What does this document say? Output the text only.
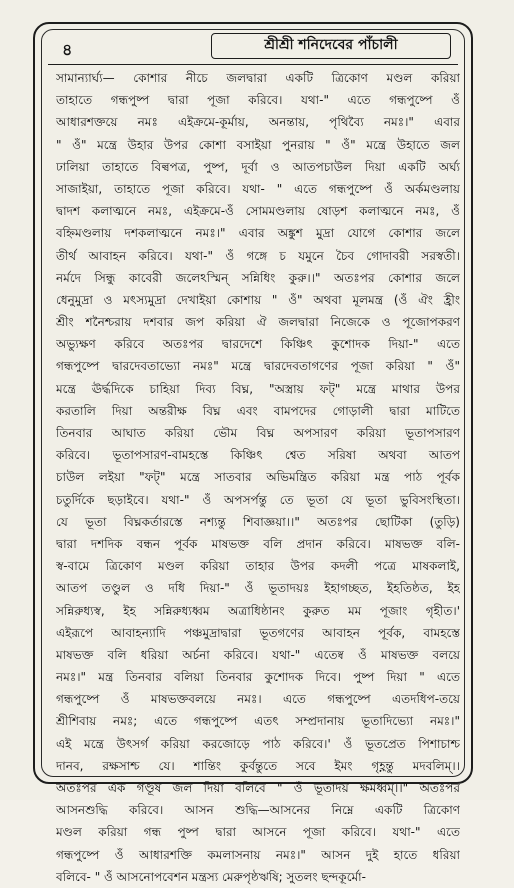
৪	শ্রীশ্রী শনিদেবের পাঁচালী
সামান্যার্ঘ্য— কোশার নীচে জলদ্বারা একটি ত্রিকোণ মণ্ডল করিয়া
তাহাতে গন্ধপুষ্প দ্বারা পূজা করিবে। যথা-" এতে গন্ধপুষ্পে ওঁ
আধারশক্তয়ে নমঃ এইক্রমে-কূর্মায়, অনন্তায়, পৃথিব্যৈ নমঃ।" এবার
" ওঁ" মন্ত্রে উহার উপর কোশা বসাইয়া পুনরায় " ওঁ" মন্ত্রে উহাতে জল
ঢালিয়া তাহাতে বিল্বপত্র, পুষ্প, দূর্বা ও আতপচাউল দিয়া একটি অর্ঘ্য
সাজাইয়া, তাহাতে পূজা করিবে। যথা- " এতে গন্ধপুষ্পে ওঁ অর্কমণ্ডলায়
দ্বাদশ কলাত্মনে নমঃ, এইক্রমে-ওঁ সোমমণ্ডলায় ষোড়শ কলাত্মনে নমঃ, ওঁ
বহ্নিমণ্ডলায় দশকলাত্মনে নমঃ।" এবার অঙ্কুশ মুদ্রা যোগে কোশার জলে
তীর্থ আবাহন করিবে। যথা-" ওঁ গঙ্গে চ যমুনে চৈব গোদাবরী সরস্বতী।
নর্মদে সিন্ধু কাবেরী জলেঽস্মিন্ সন্নিধিং কুরু।।" অতঃপর কোশার জলে
ধেনুমুদ্রা ও মৎস্যমুদ্রা দেখাইয়া কোশায় " ওঁ" অথবা মূলমন্ত্র (ওঁ ঐং হ্রীং
শ্রীং শনৈশ্চরায় দশবার জপ করিয়া ঐ জলদ্বারা নিজেকে ও পূজোপকরণ
অভ্যুক্ষণ করিবে অতঃপর দ্বারদেশে কিঞ্চিৎ কুশোদক দিয়া-" এতে
গন্ধপুষ্পে দ্বারদেবতাভ্যো নমঃ" মন্ত্রে দ্বারদেবতাগণের পূজা করিয়া " ওঁ"
মন্ত্রে ঊর্দ্ধদিকে চাহিয়া দিব্য বিঘ্ন, "অস্ত্রায় ফট্" মন্ত্রে মাথার উপর
করতালি দিয়া অন্তরীক্ষ বিঘ্ন এবং বামপদের গোড়ালী দ্বারা মাটিতে
তিনবার আঘাত করিয়া ভৌম বিঘ্ন অপসারণ করিয়া ভূতাপসারণ
করিবে। ভূতাপসারণ-বামহস্তে কিঞ্চিৎ শ্বেত সরিষা অথবা আতপ
চাউল লইয়া "ফট্" মন্ত্রে সাতবার অভিমন্ত্রিত করিয়া মন্ত্র পাঠ পূর্বক
চতুর্দিকে ছড়াইবে। যথা-" ওঁ অপসর্পন্তু তে ভূতা যে ভূতা ভুবিসংস্থিতা।
যে ভূতা বিঘ্নকর্তারস্তে নশ্যন্তু শিবাজ্ঞয়া।।" অতঃপর ছোটিকা (তুড়ি)
দ্বারা দশদিক বন্ধন পূর্বক মাষভক্ত বলি প্রদান করিবে। মাষভক্ত বলি-
স্ব-বামে ত্রিকোণ মণ্ডল করিয়া তাহার উপর কদলী পত্রে মাষকলাই,
আতপ তণ্ডুল ও দধি দিয়া-" ওঁ ভূতাদয়ঃ ইহাগচ্ছত, ইহতিষ্ঠত, ইহ
সন্নিরুধ্যস্ব, ইহ সন্নিরুধ্যধ্বম অত্রাধিষ্ঠানং কুরুত মম পূজাং গৃহীত।'
এইরূপে আবাহন্যাদি পঞ্চমুদ্রাদ্বারা ভূতগণের আবাহন পূর্বক, বামহস্তে
মাষভক্ত বলি ধরিয়া অর্চনা করিবে। যথা-" এতেষ্ব ওঁ মাষভক্ত বলয়ে
নমঃ।" মন্ত্র তিনবার বলিয়া তিনবার কুশোদক দিবে। পুষ্প দিয়া " এতে
গন্ধপুষ্পে ওঁ মাষভক্তবলয়ে নমঃ। এতে গন্ধপুষ্পে এতদধিপ-তয়ে
শ্রীশিবায় নমঃ; এতে গন্ধপুষ্পে এতৎ সম্প্রদানায় ভূতাদিভ্যো নমঃ।"
এই মন্ত্রে উৎসর্গ করিয়া করজোড়ে পাঠ করিবে।' ওঁ ভূতপ্রেত পিশাচাশ্চ
দানব, রক্ষসাশ্চ যে। শান্তিং কুর্বন্তুতে সবে ইমং গৃহ্ণন্তু মদবলিম্।।
অতঃপর এক গণ্ডূষ জল দিয়া বলিবে " ওঁ ভূতাদয় ক্ষমধ্বম্।।" অতঃপর
আসনশুদ্ধি করিবে। আসন শুদ্ধি—আসনের নিম্নে একটি ত্রিকোণ
মণ্ডল করিয়া গন্ধ পুষ্প দ্বারা আসনে পূজা করিবে। যথা-" এতে
গন্ধপুষ্পে ওঁ আধারশক্তি কমলাসনায় নমঃ।" আসন দুই হাতে ধরিয়া
বলিবে- " ওঁ আসনোপবেশন মন্ত্রস্য মেরুপৃষ্ঠঋষি; সুতলং ছন্দকূর্মো-
